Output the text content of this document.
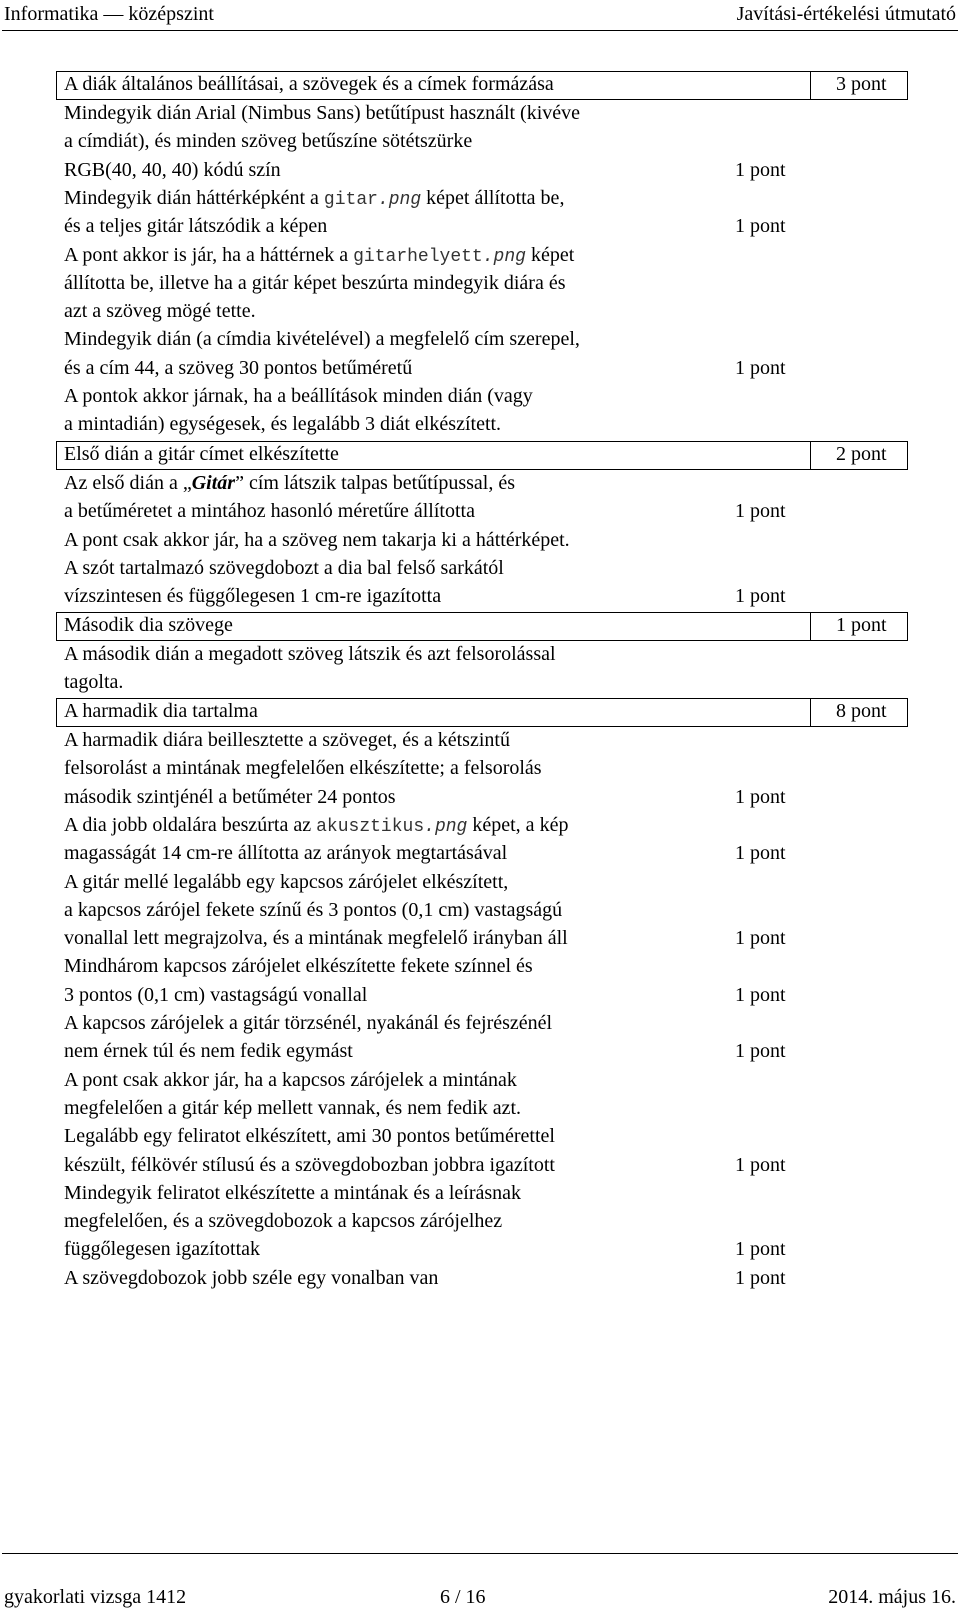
Informatika — középszint	Javítási-értékelési útmutató
A diák általános beállításai, a szövegek és a címek formázása	3 pont
Mindegyik dián Arial (Nimbus Sans) betűtípust használt (kivéve
a címdiát), és minden szöveg betűszíne sötétszürke
RGB(40, 40, 40) kódú szín	1 pont
Mindegyik dián háttérképként a gitar.png képet állította be,
és a teljes gitár látszódik a képen	1 pont
A pont akkor is jár, ha a háttérnek a gitarhelyett.png képet
állította be, illetve ha a gitár képet beszúrta mindegyik diára és
azt a szöveg mögé tette.
Mindegyik dián (a címdia kivételével) a megfelelő cím szerepel,
és a cím 44, a szöveg 30 pontos betűméretű	1 pont
A pontok akkor járnak, ha a beállítások minden dián (vagy
a mintadián) egységesek, és legalább 3 diát elkészített.
Első dián a gitár címet elkészítette	2 pont
Az első dián a „Gitár” cím látszik talpas betűtípussal, és
a betűméretet a mintához hasonló méretűre állította	1 pont
A pont csak akkor jár, ha a szöveg nem takarja ki a háttérképet.
A szót tartalmazó szövegdobozt a dia bal felső sarkától
vízszintesen és függőlegesen 1 cm-re igazította	1 pont
Második dia szövege	1 pont
A második dián a megadott szöveg látszik és azt felsorolással
tagolta.
A harmadik dia tartalma	8 pont
A harmadik diára beillesztette a szöveget, és a kétszintű
felsorolást a mintának megfelelően elkészítette; a felsorolás
második szintjénél a betűméter 24 pontos	1 pont
A dia jobb oldalára beszúrta az akusztikus.png képet, a kép
magasságát 14 cm-re állította az arányok megtartásával	1 pont
A gitár mellé legalább egy kapcsos zárójelet elkészített,
a kapcsos zárójel fekete színű és 3 pontos (0,1 cm) vastagságú
vonallal lett megrajzolva, és a mintának megfelelő irányban áll	1 pont
Mindhárom kapcsos zárójelet elkészítette fekete színnel és
3 pontos (0,1 cm) vastagságú vonallal	1 pont
A kapcsos zárójelek a gitár törzsénél, nyakánál és fejrészénél
nem érnek túl és nem fedik egymást	1 pont
A pont csak akkor jár, ha a kapcsos zárójelek a mintának
megfelelően a gitár kép mellett vannak, és nem fedik azt.
Legalább egy feliratot elkészített, ami 30 pontos betűmérettel
készült, félkövér stílusú és a szövegdobozban jobbra igazított	1 pont
Mindegyik feliratot elkészítette a mintának és a leírásnak
megfelelően, és a szövegdobozok a kapcsos zárójelhez
függőlegesen igazítottak	1 pont
A szövegdobozok jobb széle egy vonalban van	1 pont
gyakorlati vizsga 1412	6 / 16	2014. május 16.
